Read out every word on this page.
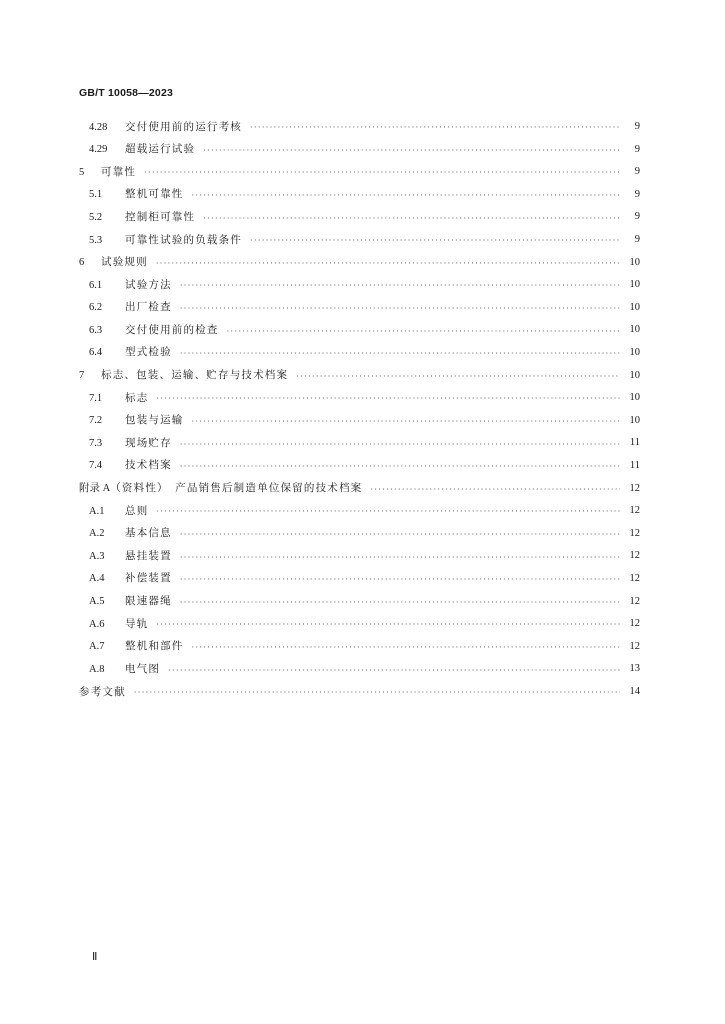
GB/T 10058—2023
4.28 交付使用前的运行考核 ·····	9
4.29 超载运行试验 ·····	9
5 可靠性 ·····	9
5.1 整机可靠性 ·····	9
5.2 控制柜可靠性 ·····	9
5.3 可靠性试验的负载条件 ·····	9
6 试验规则 ·····	10
6.1 试验方法 ·····	10
6.2 出厂检查 ·····	10
6.3 交付使用前的检查 ·····	10
6.4 型式检验 ·····	10
7 标志、包装、运输、贮存与技术档案 ·····	10
7.1 标志 ·····	10
7.2 包装与运输 ·····	10
7.3 现场贮存 ·····	11
7.4 技术档案 ·····	11
附录 A（资料性）　产品销售后制造单位保留的技术档案 ·····	12
A.1 总则 ·····	12
A.2 基本信息 ·····	12
A.3 悬挂装置 ·····	12
A.4 补偿装置 ·····	12
A.5 限速器绳 ·····	12
A.6 导轨 ·····	12
A.7 整机和部件 ·····	12
A.8 电气图 ·····	13
参考文献 ·····	14
Ⅱ
